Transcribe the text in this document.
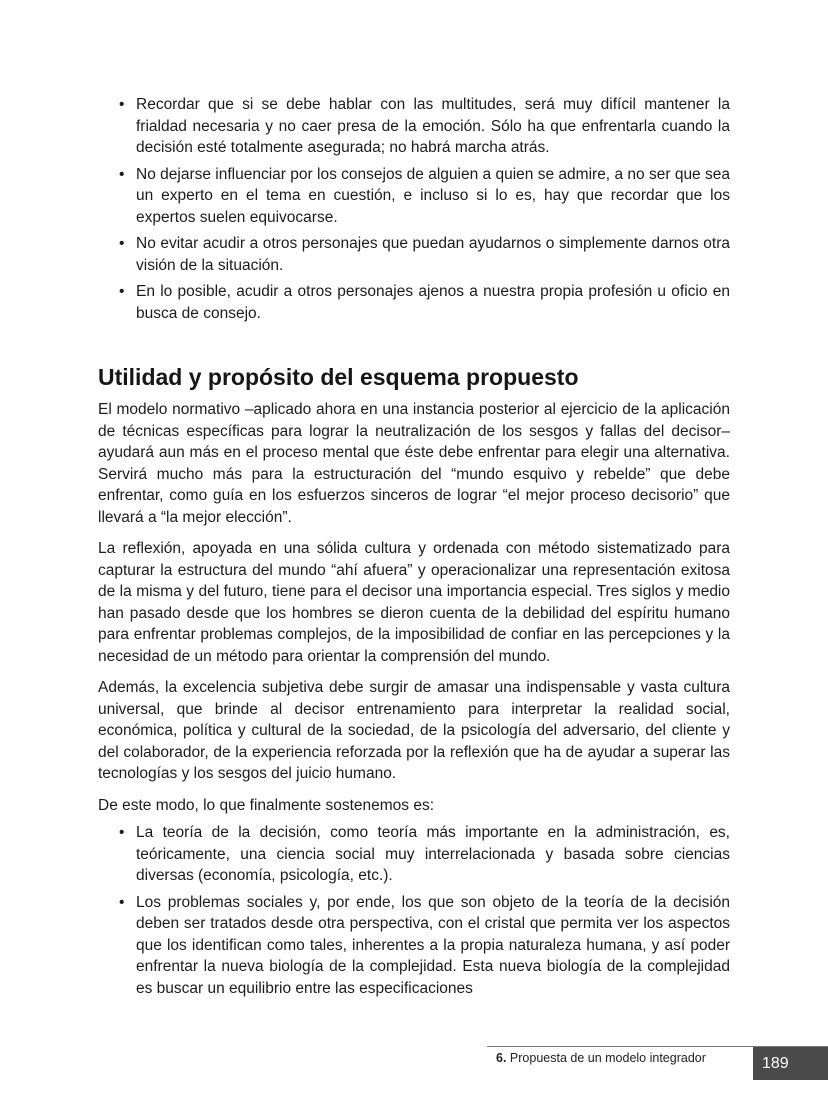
• Recordar que si se debe hablar con las multitudes, será muy difícil mantener la frialdad necesaria y no caer presa de la emoción. Sólo ha que enfrentarla cuando la decisión esté totalmente asegurada; no habrá marcha atrás.
• No dejarse influenciar por los consejos de alguien a quien se admire, a no ser que sea un experto en el tema en cuestión, e incluso si lo es, hay que recordar que los expertos suelen equivocarse.
• No evitar acudir a otros personajes que puedan ayudarnos o simplemente darnos otra visión de la situación.
• En lo posible, acudir a otros personajes ajenos a nuestra propia profesión u oficio en busca de consejo.
Utilidad y propósito del esquema propuesto

El modelo normativo –aplicado ahora en una instancia posterior al ejercicio de la aplicación de técnicas específicas para lograr la neutralización de los sesgos y fallas del decisor– ayudará aun más en el proceso mental que éste debe enfrentar para elegir una alternativa. Servirá mucho más para la estructuración del “mundo esquivo y rebelde” que debe enfrentar, como guía en los esfuerzos sinceros de lograr “el mejor proceso decisorio” que llevará a “la mejor elección”.

La reflexión, apoyada en una sólida cultura y ordenada con método sistematizado para capturar la estructura del mundo “ahí afuera” y operacionalizar una representación exitosa de la misma y del futuro, tiene para el decisor una importancia especial. Tres siglos y medio han pasado desde que los hombres se dieron cuenta de la debilidad del espíritu humano para enfrentar problemas complejos, de la imposibilidad de confiar en las percepciones y la necesidad de un método para orientar la comprensión del mundo.

Además, la excelencia subjetiva debe surgir de amasar una indispensable y vasta cultura universal, que brinde al decisor entrenamiento para interpretar la realidad social, económica, política y cultural de la sociedad, de la psicología del adversario, del cliente y del colaborador, de la experiencia reforzada por la reflexión que ha de ayudar a superar las tecnologías y los sesgos del juicio humano.

De este modo, lo que finalmente sostenemos es:

• La teoría de la decisión, como teoría más importante en la administración, es, teóricamente, una ciencia social muy interrelacionada y basada sobre ciencias diversas (economía, psicología, etc.).
• Los problemas sociales y, por ende, los que son objeto de la teoría de la decisión deben ser tratados desde otra perspectiva, con el cristal que permita ver los aspectos que los identifican como tales, inherentes a la propia naturaleza humana, y así poder enfrentar la nueva biología de la complejidad. Esta nueva biología de la complejidad es buscar un equilibrio entre las especificaciones
6. Propuesta de un modelo integrador	189
